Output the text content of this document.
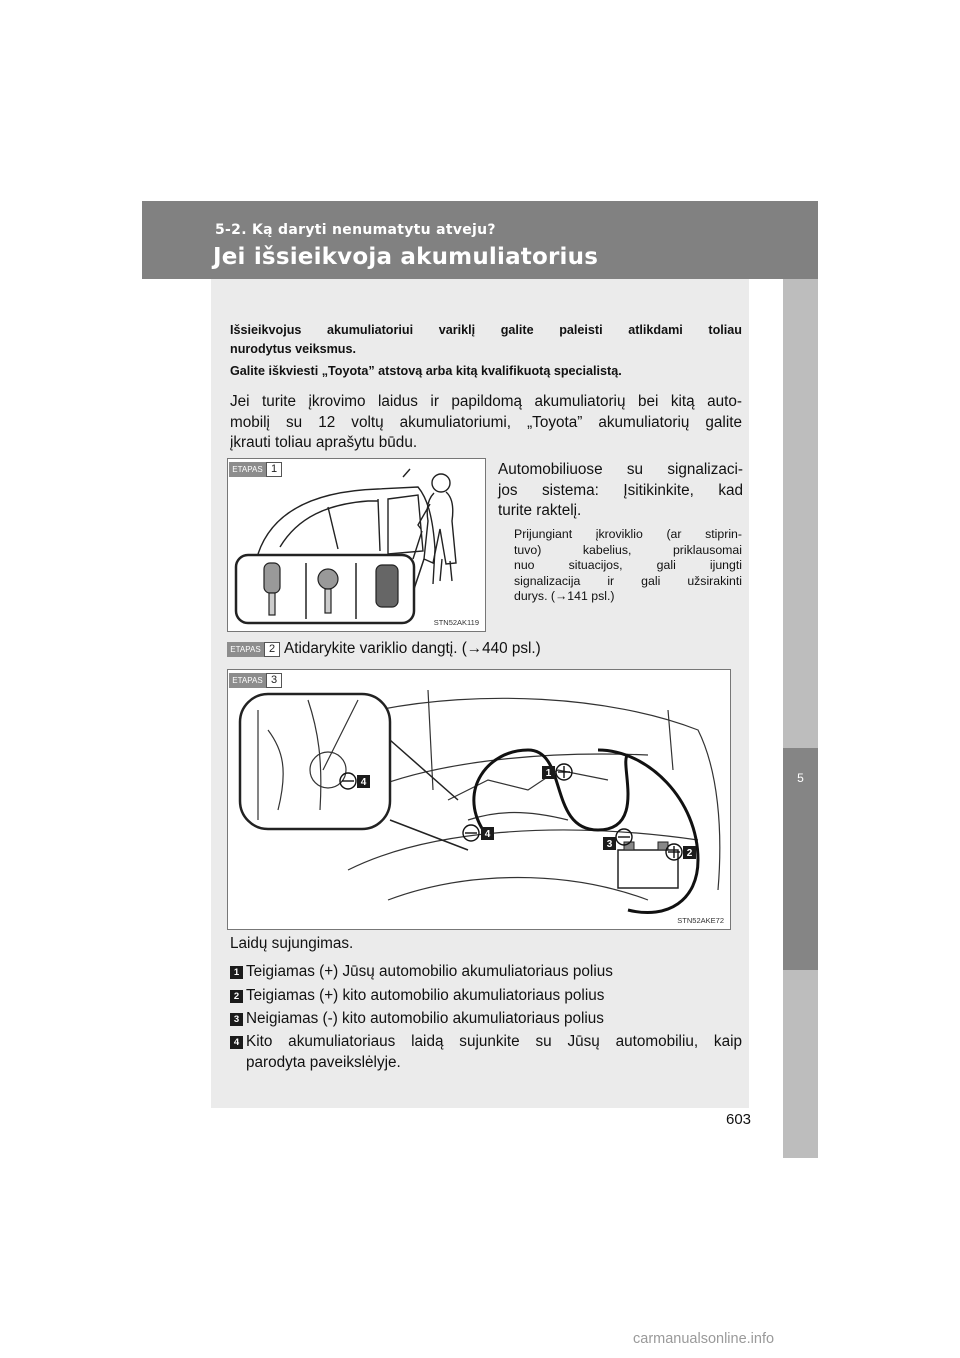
5-2. Ką daryti nenumatytu atveju?
Jei išsieikvoja akumuliatorius
5
Nenumatyti atvejai
Išsieikvojus akumuliatoriui variklį galite paleisti atlikdami toliau
nurodytus veiksmus.
Galite iškviesti „Toyota” atstovą arba kitą kvalifikuotą specialistą.
Jei turite įkrovimo laidus ir papildomą akumuliatorių bei kitą auto-
mobilį su 12 voltų akumuliatoriumi, „Toyota” akumuliatorių galite
įkrauti toliau aprašytu būdu.
ETAPAS 1
STN52AK119
Automobiliuose su signalizaci-
jos sistema: Įsitikinkite, kad
turite raktelį.
Prijungiant įkroviklio (ar stiprin-
tuvo) kabelius, priklausomai
nuo situacijos, gali ijungti
signalizacija ir gali užsirakinti
durys. (→141 psl.)
ETAPAS 2 Atidarykite variklio dangtį. (→440 psl.)
ETAPAS 3
1
2
3
4
4
STN52AKE72
Laidų sujungimas.
1 Teigiamas (+) Jūsų automobilio akumuliatoriaus polius
2 Teigiamas (+) kito automobilio akumuliatoriaus polius
3 Neigiamas (-) kito automobilio akumuliatoriaus polius
4 Kito akumuliatoriaus laidą sujunkite su Jūsų automobiliu, kaip
parodyta paveikslėlyje.
603
carmanualsonline.info
